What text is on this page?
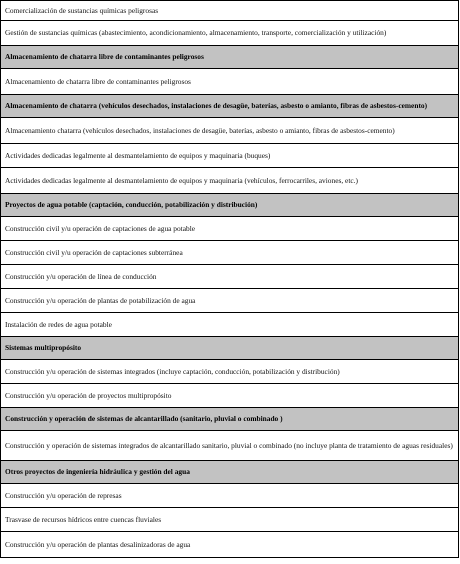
Comercialización de sustancias químicas peligrosas
Gestión de sustancias químicas (abastecimiento, acondicionamiento, almacenamiento, transporte, comercialización y utilización)
Almacenamiento de chatarra libre de contaminantes peligrosos
Almacenamiento de chatarra libre de contaminantes peligrosos
Almacenamiento de chatarra (vehículos desechados, instalaciones de desagüe, baterías, asbesto o amianto, fibras de asbestos-cemento)
Almacenamiento chatarra (vehículos desechados, instalaciones de desagüe, baterías, asbesto o amianto, fibras de asbestos-cemento)
Actividades dedicadas legalmente al desmantelamiento de equipos y maquinaria (buques)
Actividades dedicadas legalmente al desmantelamiento de equipos y maquinaria (vehículos, ferrocarriles, aviones, etc.)
Proyectos de agua potable (captación, conducción, potabilización y distribución)
Construcción civil y/u operación de captaciones de agua potable
Construcción civil y/u operación de captaciones subterránea
Construcción y/u operación de línea de conducción
Construcción y/u operación de plantas de potabilización de agua
Instalación de redes de agua potable
Sistemas multipropósito
Construcción y/u operación de sistemas integrados (incluye captación, conducción, potabilización y distribución)
Construcción y/u operación de proyectos multipropósito
Construcción y operación de sistemas de alcantarillado (sanitario, pluvial o combinado )
Construcción y operación de sistemas integrados de alcantarillado sanitario, pluvial o combinado (no incluye planta de tratamiento de aguas residuales)
Otros proyectos de ingeniería hidráulica y gestión del agua
Construcción y/u operación de represas
Trasvase de recursos hídricos entre cuencas fluviales
Construcción y/u operación de plantas desalinizadoras de agua
